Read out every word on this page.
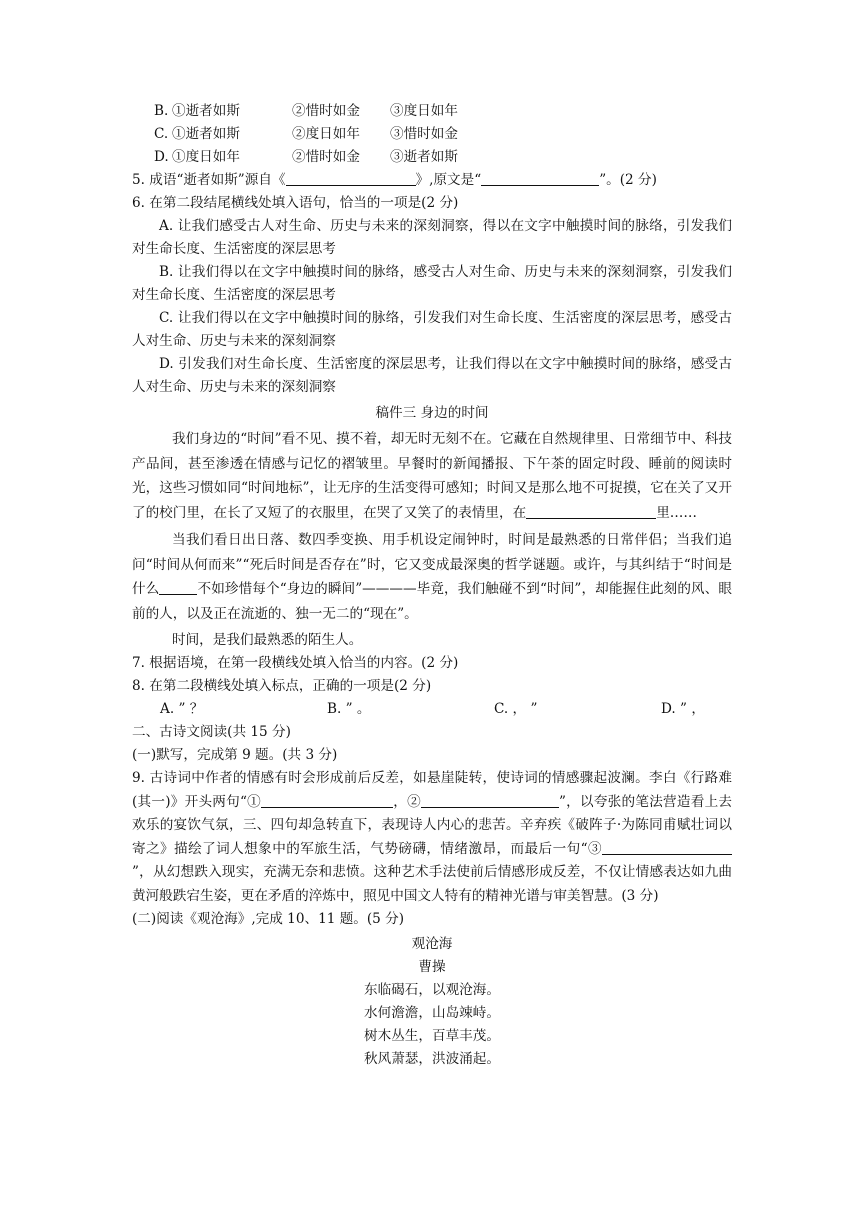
B. ①逝者如斯	②惜时如金	③度日如年
C. ①逝者如斯	②度日如年	③惜时如金
D. ①度日如年	②惜时如金	③逝者如斯
5. 成语“逝者如斯”源自《	》,原文是“	”。(2 分)
6. 在第二段结尾横线处填入语句，恰当的一项是(2 分)
A. 让我们感受古人对生命、历史与未来的深刻洞察，得以在文字中触摸时间的脉络，引发我们对生命长度、生活密度的深层思考
B. 让我们得以在文字中触摸时间的脉络，感受古人对生命、历史与未来的深刻洞察，引发我们对生命长度、生活密度的深层思考
C. 让我们得以在文字中触摸时间的脉络，引发我们对生命长度、生活密度的深层思考，感受古人对生命、历史与未来的深刻洞察
D. 引发我们对生命长度、生活密度的深层思考，让我们得以在文字中触摸时间的脉络，感受古人对生命、历史与未来的深刻洞察
稿件三 身边的时间
我们身边的“时间”看不见、摸不着，却无时无刻不在。它藏在自然规律里、日常细节中、科技产品间，甚至渗透在情感与记忆的褶皱里。早餐时的新闻播报、下午茶的固定时段、睡前的阅读时光，这些习惯如同“时间地标”，让无序的生活变得可感知；时间又是那么地不可捉摸，它在关了又开了的校门里，在长了又短了的衣服里，在哭了又笑了的表情里，在	里……
当我们看日出日落、数四季变换、用手机设定闹钟时，时间是最熟悉的日常伴侣；当我们追问“时间从何而来”“死后时间是否存在”时，它又变成最深奥的哲学谜题。或许，与其纠结于“时间是什么	不如珍惜每个“身边的瞬间”————毕竟，我们触碰不到“时间”，却能握住此刻的风、眼前的人，以及正在流逝的、独一无二的“现在”。
时间，是我们最熟悉的陌生人。
7. 根据语境，在第一段横线处填入恰当的内容。(2 分)
8. 在第二段横线处填入标点，正确的一项是(2 分)
A. ” ？	B. ” 。	C. ， ”	D. ” ，
二、古诗文阅读(共 15 分)
(一)默写，完成第 9 题。(共 3 分)
9. 古诗词中作者的情感有时会形成前后反差，如悬崖陡转，使诗词的情感骤起波澜。李白《行路难(其一)》开头两句“①	，②	”，以夸张的笔法营造看上去欢乐的宴饮气氛，三、四句却急转直下，表现诗人内心的悲苦。辛弃疾《破阵子·为陈同甫赋壮词以寄之》描绘了词人想象中的军旅生活，气势磅礴，情绪激昂，而最后一句“③”，从幻想跌入现实，充满无奈和悲愤。这种艺术手法使前后情感形成反差，不仅让情感表达如九曲黄河般跌宕生姿，更在矛盾的淬炼中，照见中国文人特有的精神光谱与审美智慧。(3 分)
(二)阅读《观沧海》,完成 10、11 题。(5 分)
观沧海
曹操
东临碣石，以观沧海。
水何澹澹，山岛竦峙。
树木丛生，百草丰茂。
秋风萧瑟，洪波涌起。
